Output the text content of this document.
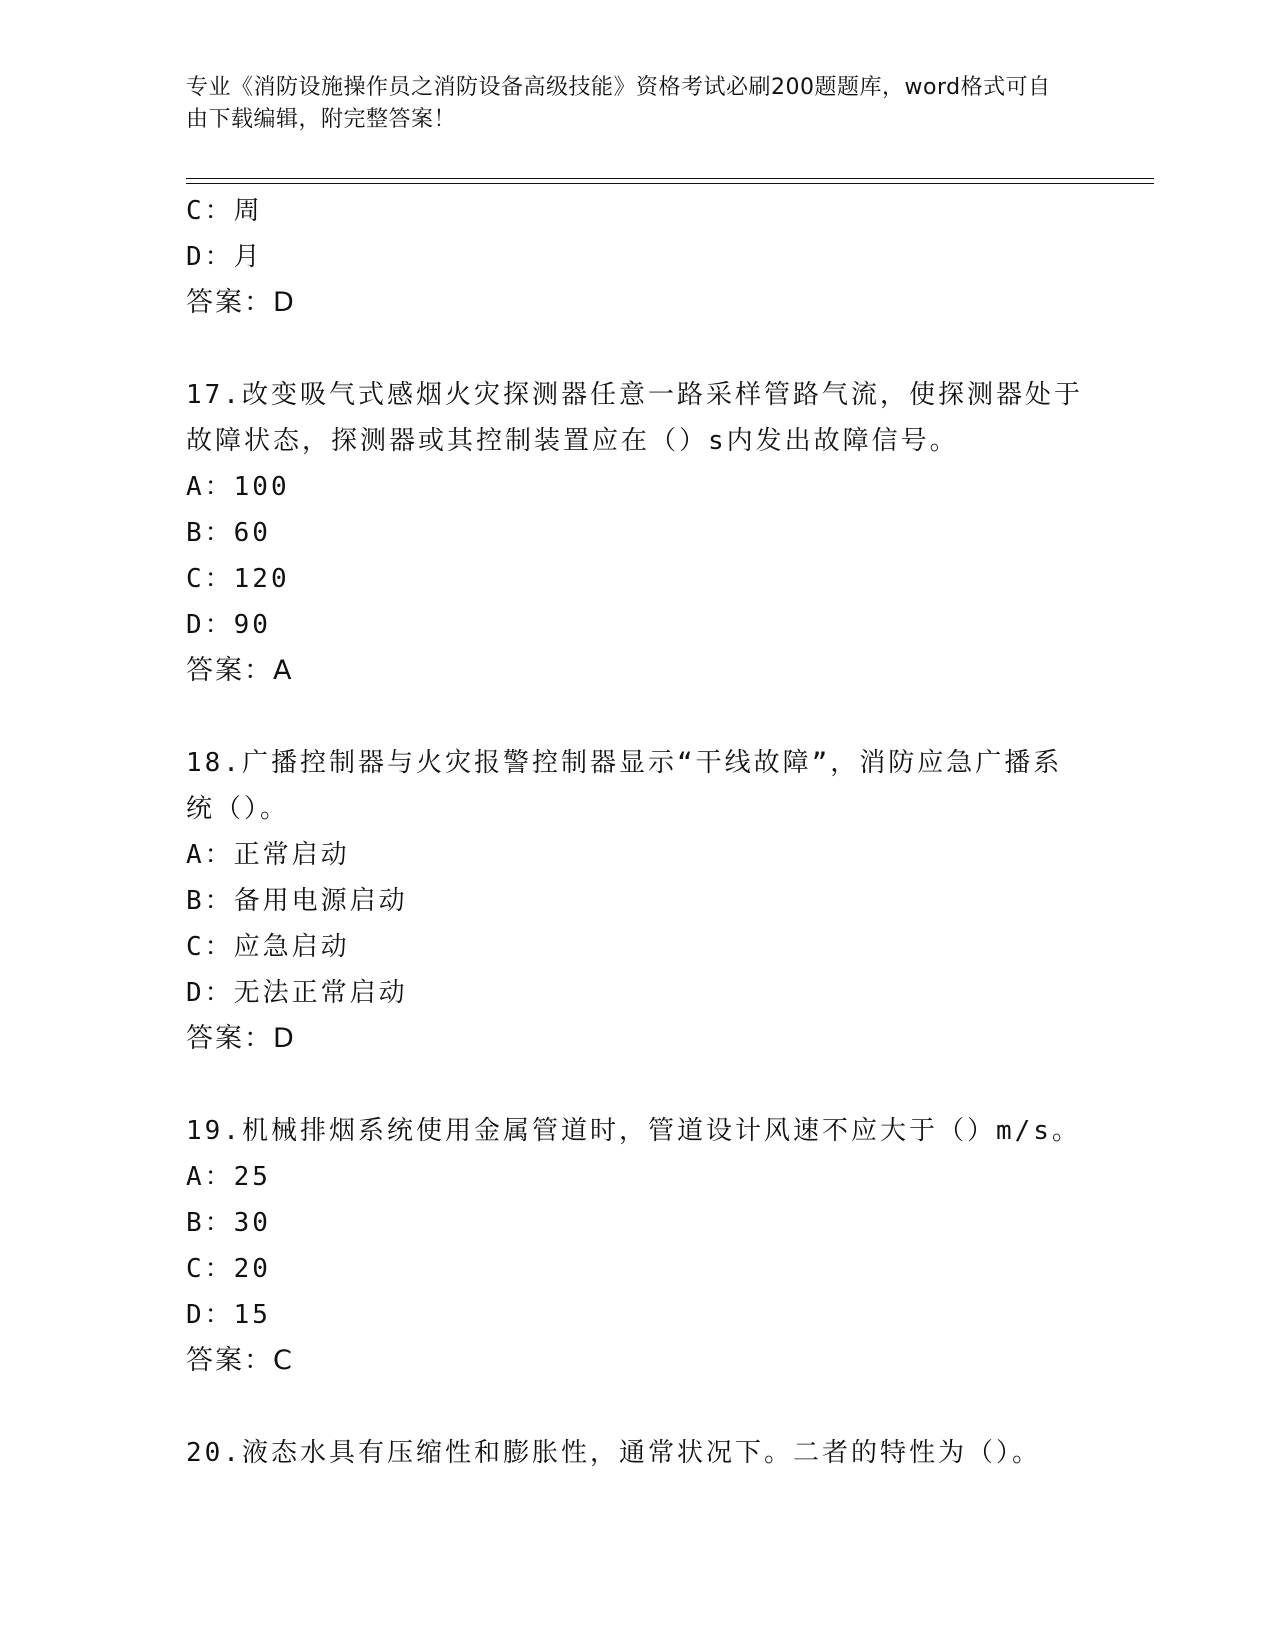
专业《消防设施操作员之消防设备高级技能》资格考试必刷200题题库，word格式可自由下载编辑，附完整答案！
C：周
D：月
答案：D
17.改变吸气式感烟火灾探测器任意一路采样管路气流，使探测器处于故障状态，探测器或其控制装置应在（）s内发出故障信号。
A：100
B：60
C：120
D：90
答案：A
18.广播控制器与火灾报警控制器显示“干线故障”，消防应急广播系统（）。
A：正常启动
B：备用电源启动
C：应急启动
D：无法正常启动
答案：D
19.机械排烟系统使用金属管道时，管道设计风速不应大于（）m/s。
A：25
B：30
C：20
D：15
答案：C
20.液态水具有压缩性和膨胀性，通常状况下。二者的特性为（）。
